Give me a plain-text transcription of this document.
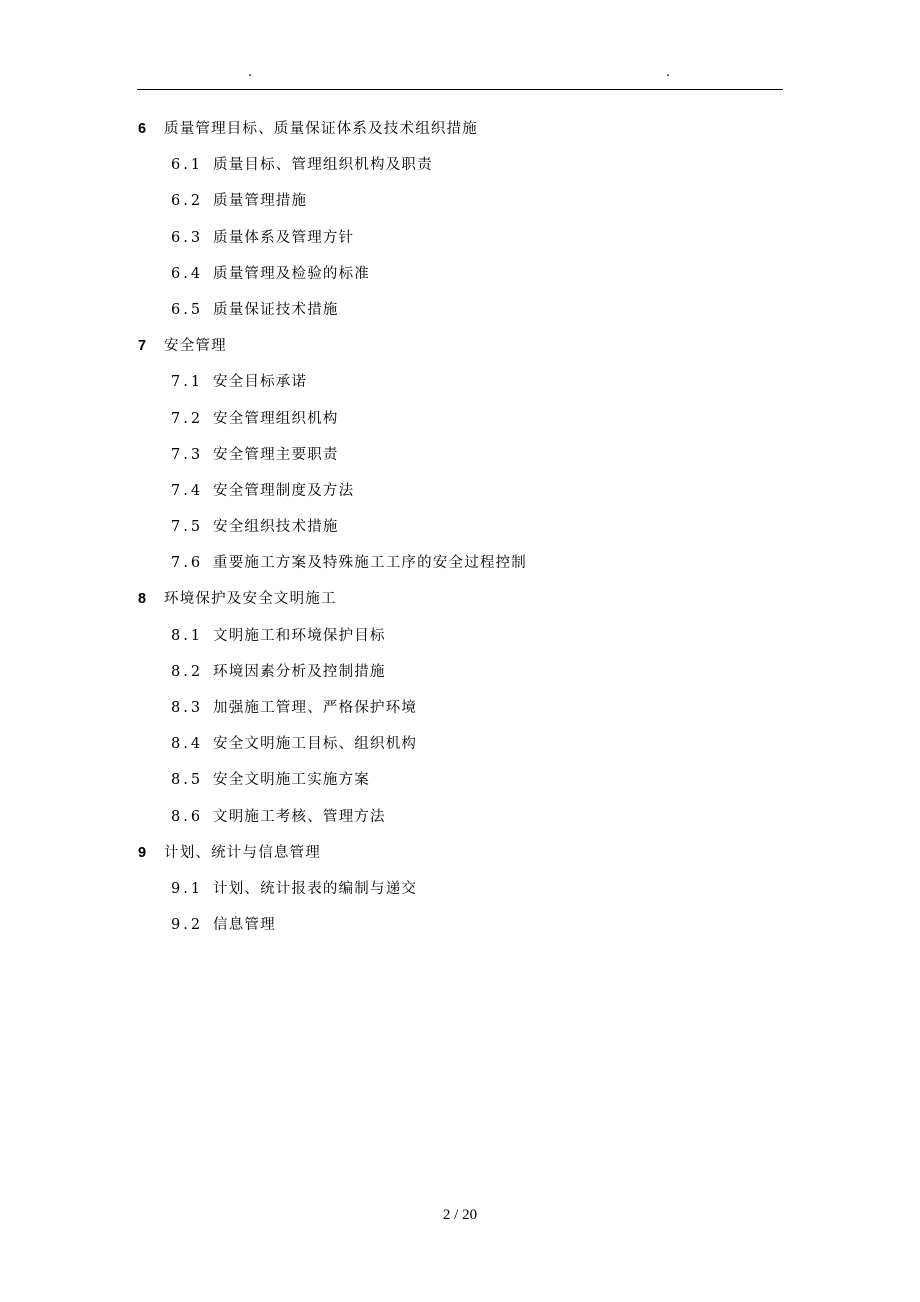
.	.
6 质量管理目标、质量保证体系及技术组织措施
6.1 质量目标、管理组织机构及职责
6.2 质量管理措施
6.3 质量体系及管理方针
6.4 质量管理及检验的标准
6.5 质量保证技术措施
7 安全管理
7.1 安全目标承诺
7.2 安全管理组织机构
7.3 安全管理主要职责
7.4 安全管理制度及方法
7.5 安全组织技术措施
7.6 重要施工方案及特殊施工工序的安全过程控制
8 环境保护及安全文明施工
8.1 文明施工和环境保护目标
8.2 环境因素分析及控制措施
8.3 加强施工管理、严格保护环境
8.4 安全文明施工目标、组织机构
8.5 安全文明施工实施方案
8.6 文明施工考核、管理方法
9 计划、统计与信息管理
9.1 计划、统计报表的编制与递交
9.2 信息管理
2 / 20
